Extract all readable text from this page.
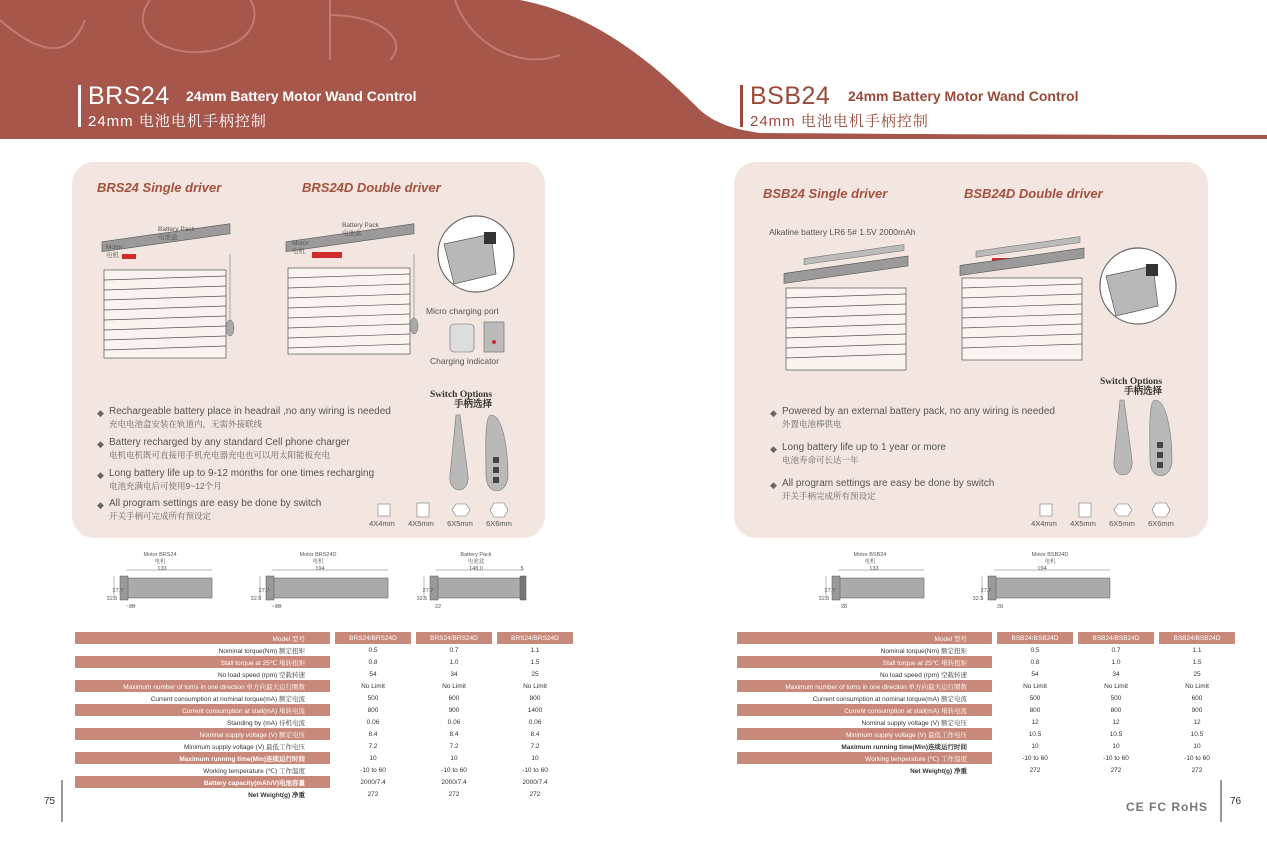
BRS24 24mm Battery Motor Wand Control
24mm 电池电机手柄控制
BSB24 24mm Battery Motor Wand Control
24mm 电池电机手柄控制
BRS24 Single driver	BRS24D Double driver
Battery Pack
电池盒
Motor
电机
Battery Pack
电池盒
Motor
电机
Micro charging port
Charging indicator
Switch Options
手柄选择
◆ Rechargeable battery place in headrail ,no any wiring is needed
充电电池盒安装在轨道内，无需外接联线
◆ Battery recharged by any standard Cell phone charger
电机电机既可直接用手机充电器充电也可以用太阳能板充电
◆ Long battery life up to 9-12 months for one times recharging
电池充满电后可使用9~12个月
◆ All program settings are easy be done by switch
开关手柄可完成所有预设定
4X4mm	4X5mm	6X5mm	6X6mm
BSB24 Single driver	BSB24D Double driver
Alkaline battery LR6 5# 1.5V 2000mAh
Switch Options
手柄选择
◆ Powered by an external battery pack, no any wiring is needed
外置电池棒供电
◆ Long battery life up to 1 year or more
电池寿命可长达一年
◆ All program settings are easy be done by switch
开关手柄完成所有预设定
4X4mm	4X5mm	6X5mm	6X6mm
Motor BRS24
电机
Motor BRS24D
电机
Battery Pack
电池盒
Motor BSB24
电机
Motor BSB24D
电机
133
27.7
32.5
28
194
27.7
32.5
28
148.0
27.7
32.5
22
5	133
27.7
32.5
28
194
27.7
32.5
28
Model 型号		BRS24/BRS24D		BRS24/BRS24D		BRS24/BRS24D
Nominal torque(Nm) 额定扭矩		0.5		0.7		1.1
Stall torque at 25℃ 堵转扭矩		0.8		1.0		1.5
No load speed (rpm) 空载转速		54		34		25
Maximum number of turns in one direction 单方向最大运行圈数		No Limit		No Limit		No Limit
Current consumption at nominal torque(mA) 额定电流		500		600		800
Current consumption at stall(mA) 堵转电流		800		900		1400
Standing by (mA) 待机电流		0.06		0.06		0.06
Nominal supply voltage (V) 额定电压		8.4		8.4		8.4
Minimum supply voltage (V) 最低工作电压		7.2		7.2		7.2
Maximum running time(Min)连续运行时间		10		10		10
Working temperature (℃) 工作温度		-10 to 60		-10 to 60		-10 to 60
Battery capacity(mAh/V)电池容量		2000/7.4		2000/7.4		2000/7.4
Net Weight(g) 净重		272		272		272
Model 型号		BSB24/BSB24D		BSB24/BSB24D		BSB24/BSB24D
Nominal torque(Nm) 额定扭矩		0.5		0.7		1.1
Stall torque at 25℃ 堵转扭矩		0.8		1.0		1.5
No load speed (rpm) 空载转速		54		34		25
Maximum number of turns in one direction 单方向最大运行圈数		No Limit		No Limit		No Limit
Current consumption at nominal torque(mA) 额定电流		500		500		600
Current consumption at stall(mA) 堵转电流		800		800		900
Nominal supply voltage (V) 额定电压		12		12		12
Minimum supply voltage (V) 最低工作电压		10.5		10.5		10.5
Maximum running time(Min)连续运行时间		10		10		10
Working temperature (℃) 工作温度		-10 to 60		-10 to 60		-10 to 60
Net Weight(g) 净重		272		272		272
75	CE FC RoHS 76
